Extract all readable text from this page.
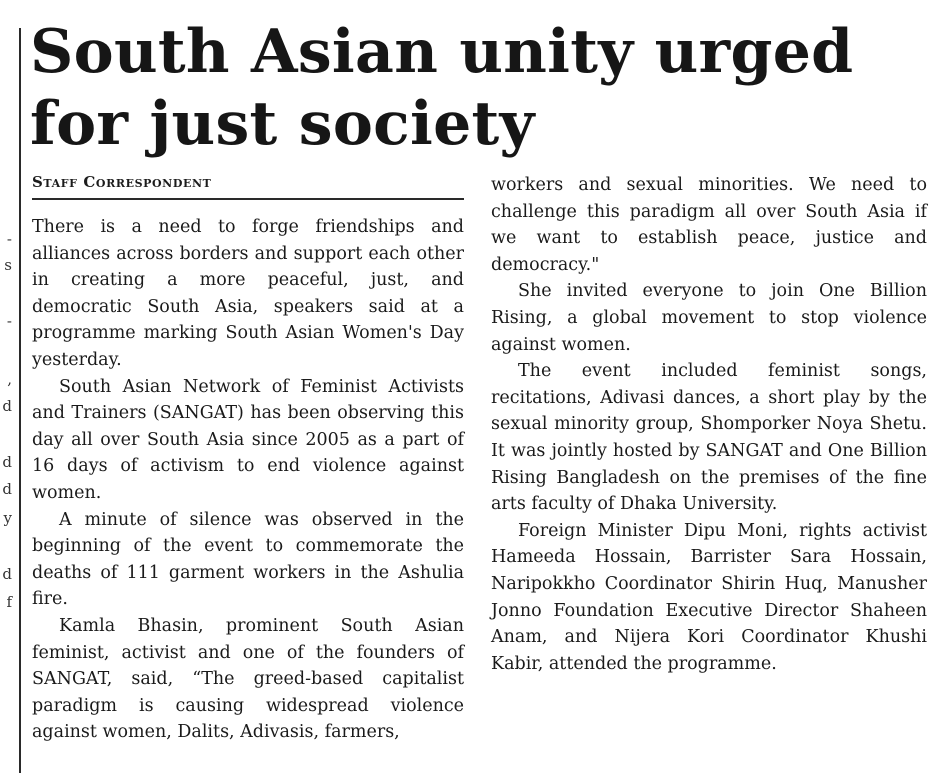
-
s
-
,
d
d
d
y
d
f
South Asian unity urged
for just society
Staff Correspondent

There is a need to forge friendships and alliances across borders and support each other in creating a more peaceful, just, and democratic South Asia, speakers said at a programme marking South Asian Women's Day yesterday.

South Asian Network of Feminist Activists and Trainers (SANGAT) has been observing this day all over South Asia since 2005 as a part of 16 days of activism to end violence against women.

A minute of silence was observed in the beginning of the event to commemorate the deaths of 111 garment workers in the Ashulia fire.

Kamla Bhasin, prominent South Asian feminist, activist and one of the founders of SANGAT, said, “The greed-based capitalist paradigm is causing widespread violence against women, Dalits, Adivasis, farmers,

workers and sexual minorities. We need to challenge this paradigm all over South Asia if we want to establish peace, justice and democracy."

She invited everyone to join One Billion Rising, a global movement to stop violence against women.

The event included feminist songs, recitations, Adivasi dances, a short play by the sexual minority group, Shomporker Noya Shetu. It was jointly hosted by SANGAT and One Billion Rising Bangladesh on the premises of the fine arts faculty of Dhaka University.

Foreign Minister Dipu Moni, rights activist Hameeda Hossain, Barrister Sara Hossain, Naripokkho Coordinator Shirin Huq, Manusher Jonno Foundation Executive Director Shaheen Anam, and Nijera Kori Coordinator Khushi Kabir, attended the programme.
